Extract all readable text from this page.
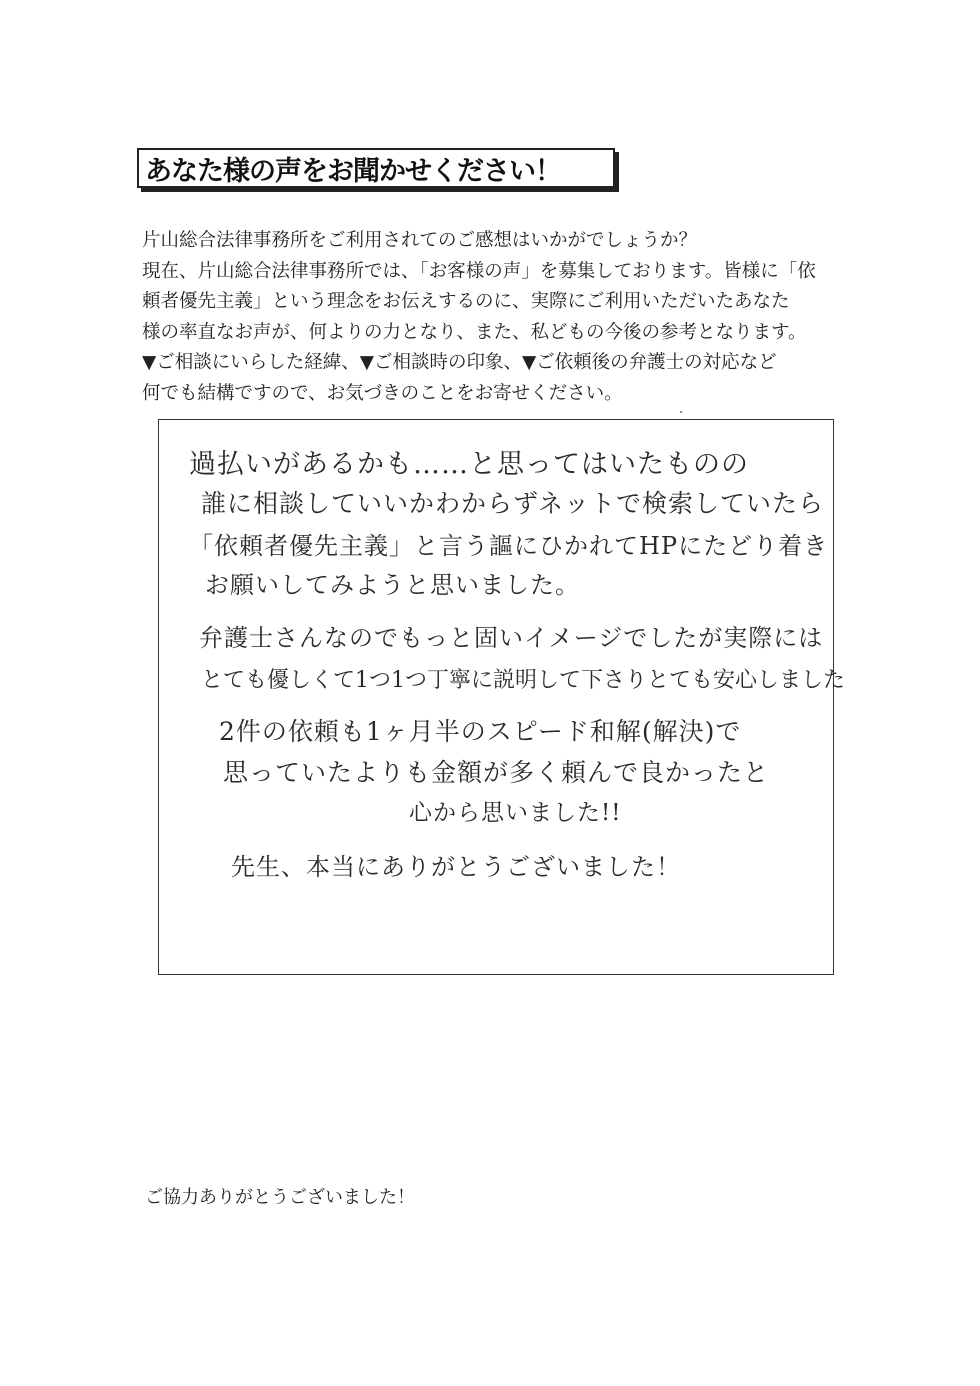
あなた様の声をお聞かせください！
片山総合法律事務所をご利用されてのご感想はいかがでしょうか？
現在、片山総合法律事務所では、「お客様の声」を募集しております。皆様に「依
頼者優先主義」という理念をお伝えするのに、実際にご利用いただいたあなた
様の率直なお声が、何よりの力となり、また、私どもの今後の参考となります。
▼ご相談にいらした経緯、▼ご相談時の印象、▼ご依頼後の弁護士の対応など
何でも結構ですので、お気づきのことをお寄せください。
過払いがあるかも……と思ってはいたものの
誰に相談していいかわからずネットで検索していたら
「依頼者優先主義」と言う謳にひかれてHPにたどり着き
お願いしてみようと思いました。
弁護士さんなのでもっと固いイメージでしたが実際には
とても優しくて1つ1つ丁寧に説明して下さりとても安心しました
2件の依頼も1ヶ月半のスピード和解(解決)で
思っていたよりも金額が多く頼んで良かったと
心から思いました!!
先生、本当にありがとうございました！
ご協力ありがとうございました！
